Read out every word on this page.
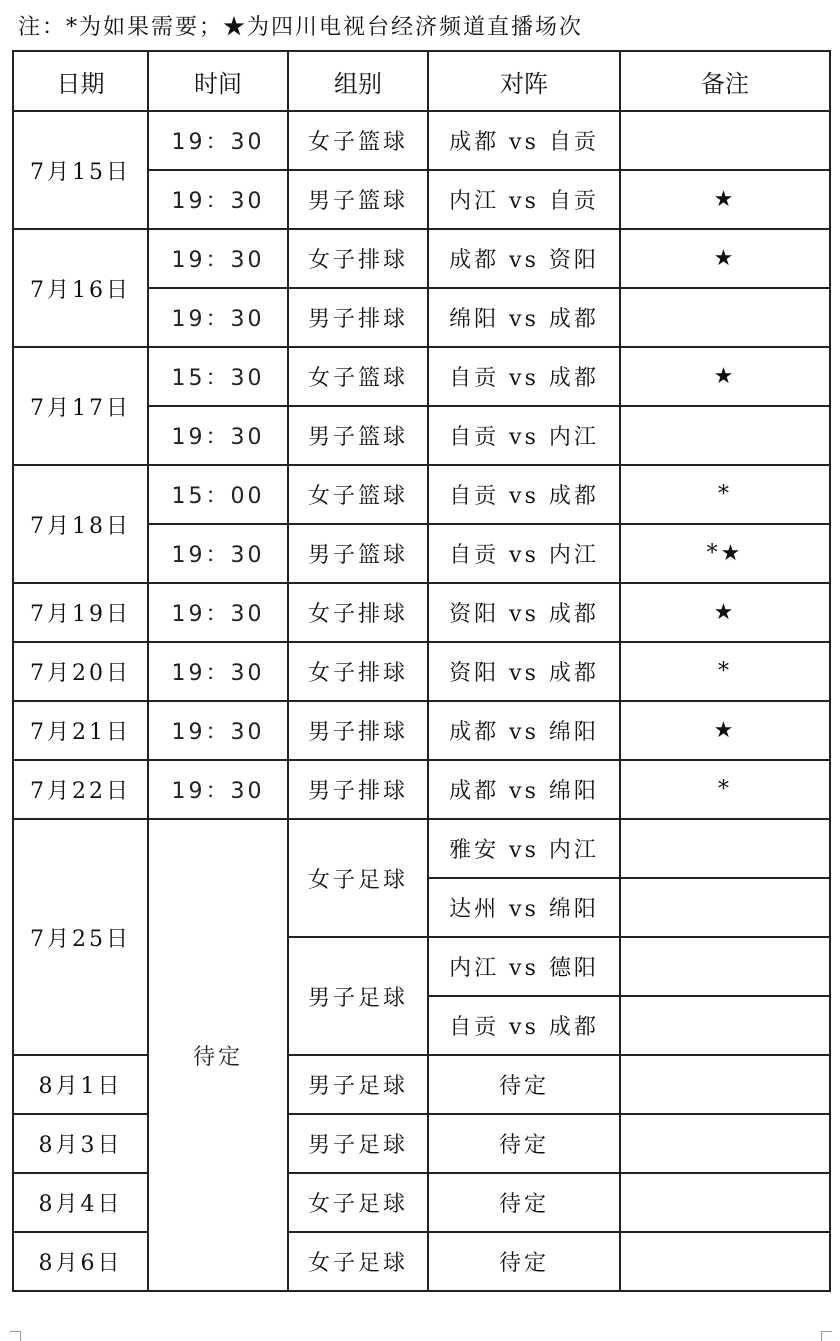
注：*为如果需要；★为四川电视台经济频道直播场次
日期	时间	组别	对阵	备注
7月15日	19：30	女子篮球	成都 vs 自贡	
	19：30	男子篮球	内江 vs 自贡	★
7月16日	19：30	女子排球	成都 vs 资阳	★
	19：30	男子排球	绵阳 vs 成都	
7月17日	15：30	女子篮球	自贡 vs 成都	★
	19：30	男子篮球	自贡 vs 内江	
7月18日	15：00	女子篮球	自贡 vs 成都	*
	19：30	男子篮球	自贡 vs 内江	*★
7月19日	19：30	女子排球	资阳 vs 成都	★
7月20日	19：30	女子排球	资阳 vs 成都	*
7月21日	19：30	男子排球	成都 vs 绵阳	★
7月22日	19：30	男子排球	成都 vs 绵阳	*
7月25日	待定	女子足球	雅安 vs 内江	
			达州 vs 绵阳	
		男子足球	内江 vs 德阳	
			自贡 vs 成都	
8月1日		男子足球	待定	
8月3日		男子足球	待定	
8月4日		女子足球	待定	
8月6日		女子足球	待定	
